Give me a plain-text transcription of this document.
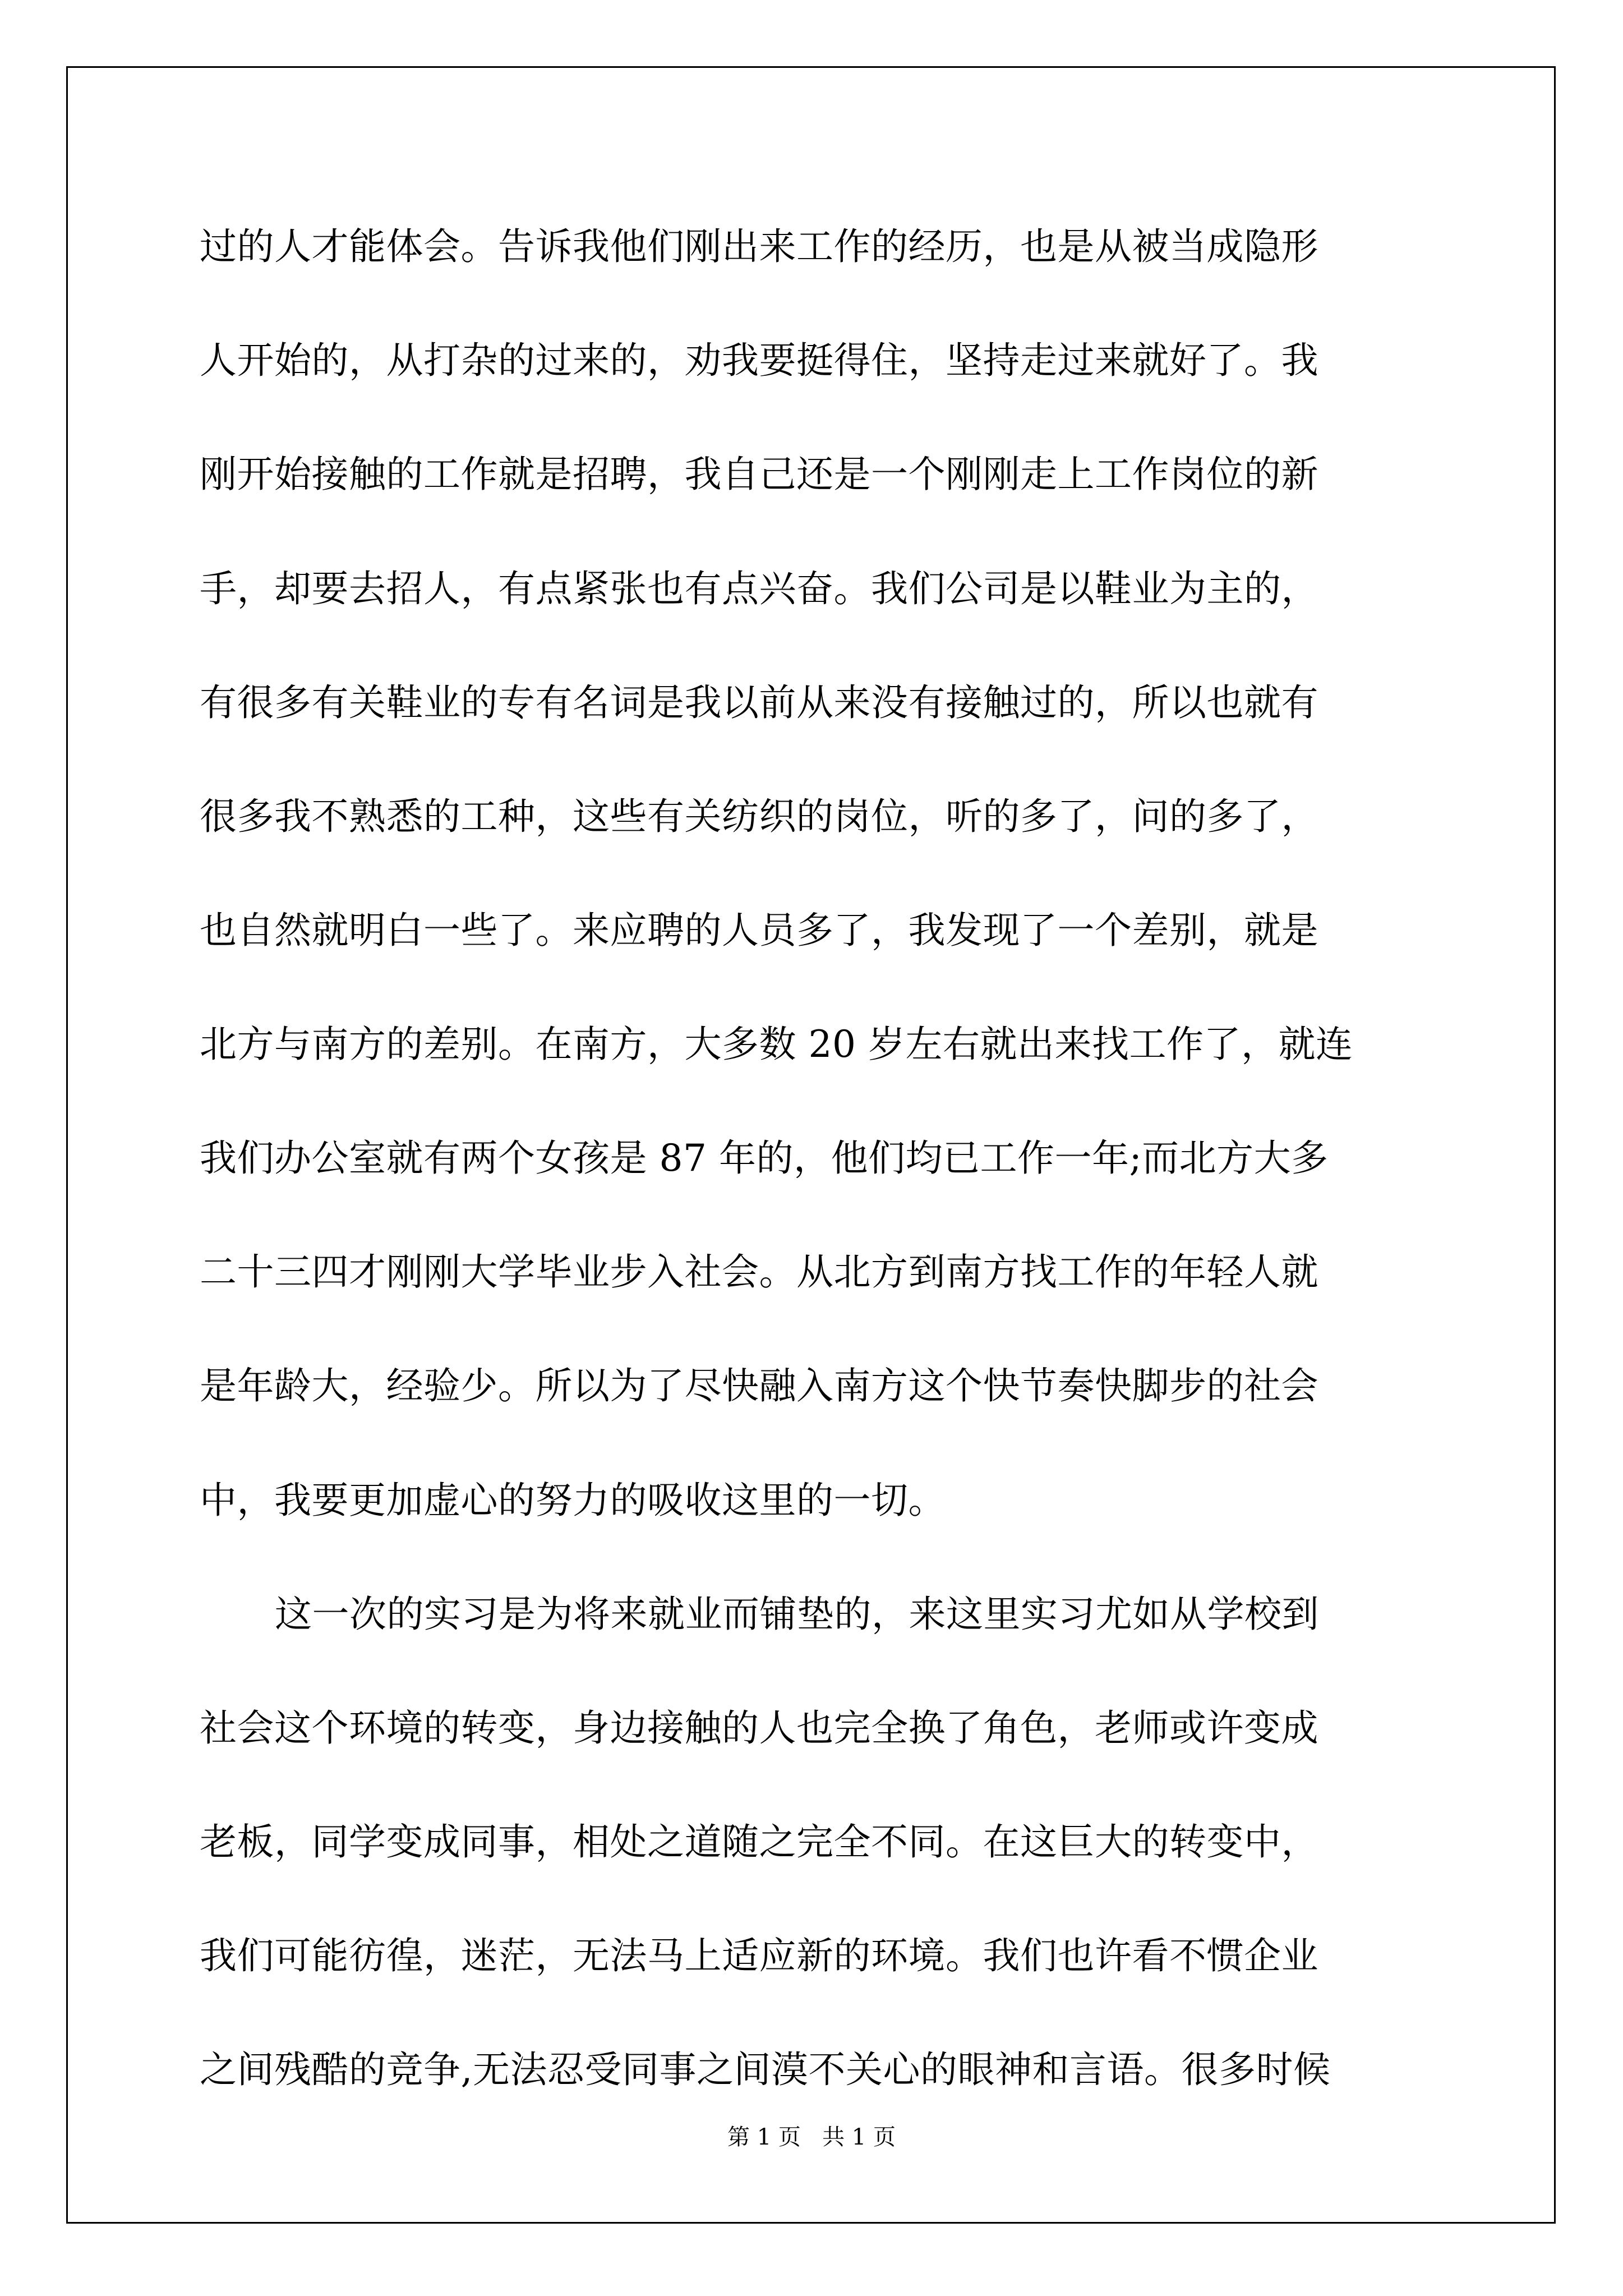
过的人才能体会。告诉我他们刚出来工作的经历，也是从被当成隐形
人开始的，从打杂的过来的，劝我要挺得住，坚持走过来就好了。我
刚开始接触的工作就是招聘，我自己还是一个刚刚走上工作岗位的新
手，却要去招人，有点紧张也有点兴奋。我们公司是以鞋业为主的，
有很多有关鞋业的专有名词是我以前从来没有接触过的，所以也就有
很多我不熟悉的工种，这些有关纺织的岗位，听的多了，问的多了，
也自然就明白一些了。来应聘的人员多了，我发现了一个差别，就是
北方与南方的差别。在南方，大多数 20 岁左右就出来找工作了，就连
我们办公室就有两个女孩是 87 年的，他们均已工作一年;而北方大多
二十三四才刚刚大学毕业步入社会。从北方到南方找工作的年轻人就
是年龄大，经验少。所以为了尽快融入南方这个快节奏快脚步的社会
中，我要更加虚心的努力的吸收这里的一切。
这一次的实习是为将来就业而铺垫的，来这里实习尤如从学校到
社会这个环境的转变，身边接触的人也完全换了角色，老师或许变成
老板，同学变成同事，相处之道随之完全不同。在这巨大的转变中，
我们可能彷徨，迷茫，无法马上适应新的环境。我们也许看不惯企业
之间残酷的竞争,无法忍受同事之间漠不关心的眼神和言语。很多时候
第 1 页   共 1 页
